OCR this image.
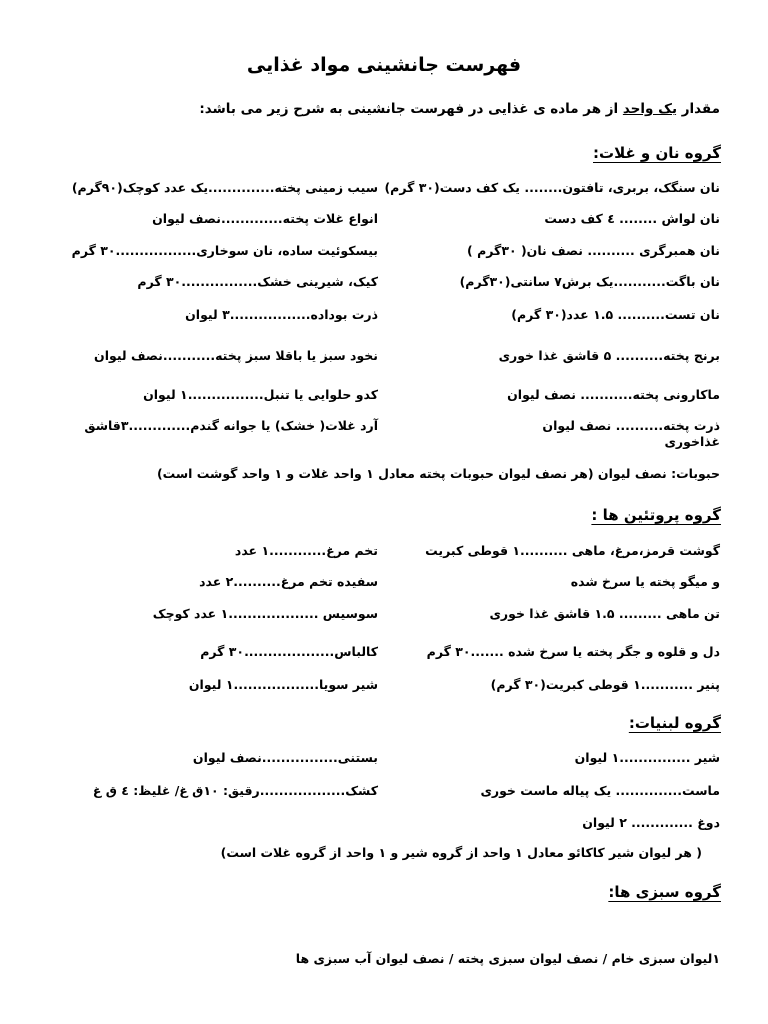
فهرست جانشینی مواد غذایی
مقدار یک واحد از هر ماده ی غذایی در فهرست جانشینی به شرح زیر می باشد:
گروه نان و غلات:
نان سنگک، بربری، تافتون........ یک کف دست(۳۰ گرم)
نان لواش ........ ٤ کف دست
نان همبرگری .......... نصف نان( ۳۰گرم )
نان باگت...........یک برش۷ سانتی(۳۰گرم)
نان تست.......... ۱.۵ عدد(۳۰ گرم)
برنج پخته.......... ۵ قاشق غذا خوری
ماکارونی پخته........... نصف لیوان
ذرت پخته.......... نصف لیوان
غذاخوری
سیب زمینی پخته..............یک عدد کوچک(۹۰گرم)
انواع غلات پخته.............نصف لیوان
بیسکوئیت ساده، نان سوخاری.................۳۰ گرم
کیک، شیرینی خشک................۳۰ گرم
ذرت بوداده.................۳ لیوان
نخود سبز یا باقلا سبز پخته...........نصف لیوان
کدو حلوایی یا تنبل................۱ لیوان
آرد غلات( خشک) یا جوانه گندم.............۳قاشق
حبوبات: نصف لیوان (هر نصف لیوان حبوبات پخته معادل ۱ واحد غلات و ۱ واحد گوشت است)
گروه پروتئین ها :
گوشت قرمز،مرغ، ماهی ..........۱ قوطی کبریت
و میگو پخته یا سرخ شده
تن ماهی ......... ۱.۵ قاشق غذا خوری
دل و قلوه و جگر پخته یا سرخ شده .......۳۰ گرم
پنیر ...........۱ قوطی کبریت(۳۰ گرم)
تخم مرغ............۱ عدد
سفیده تخم مرغ..........۲ عدد
سوسیس ...................۱ عدد کوچک
کالباس...................۳۰ گرم
شیر سویا..................۱ لیوان
گروه لبنیات:
شیر ...............۱ لیوان
ماست.............. یک پیاله ماست خوری
دوغ ............. ۲ لیوان
بستنی................نصف لیوان
کشک..................رقیق: ۱۰ق غ/ غلیظ: ٤ ق غ
( هر لیوان شیر کاکائو معادل ۱ واحد از گروه شیر و ۱ واحد از گروه غلات است)
گروه سبزی ها:
۱لیوان سبزی خام / نصف لیوان سبزی پخته / نصف لیوان آب سبزی ها
